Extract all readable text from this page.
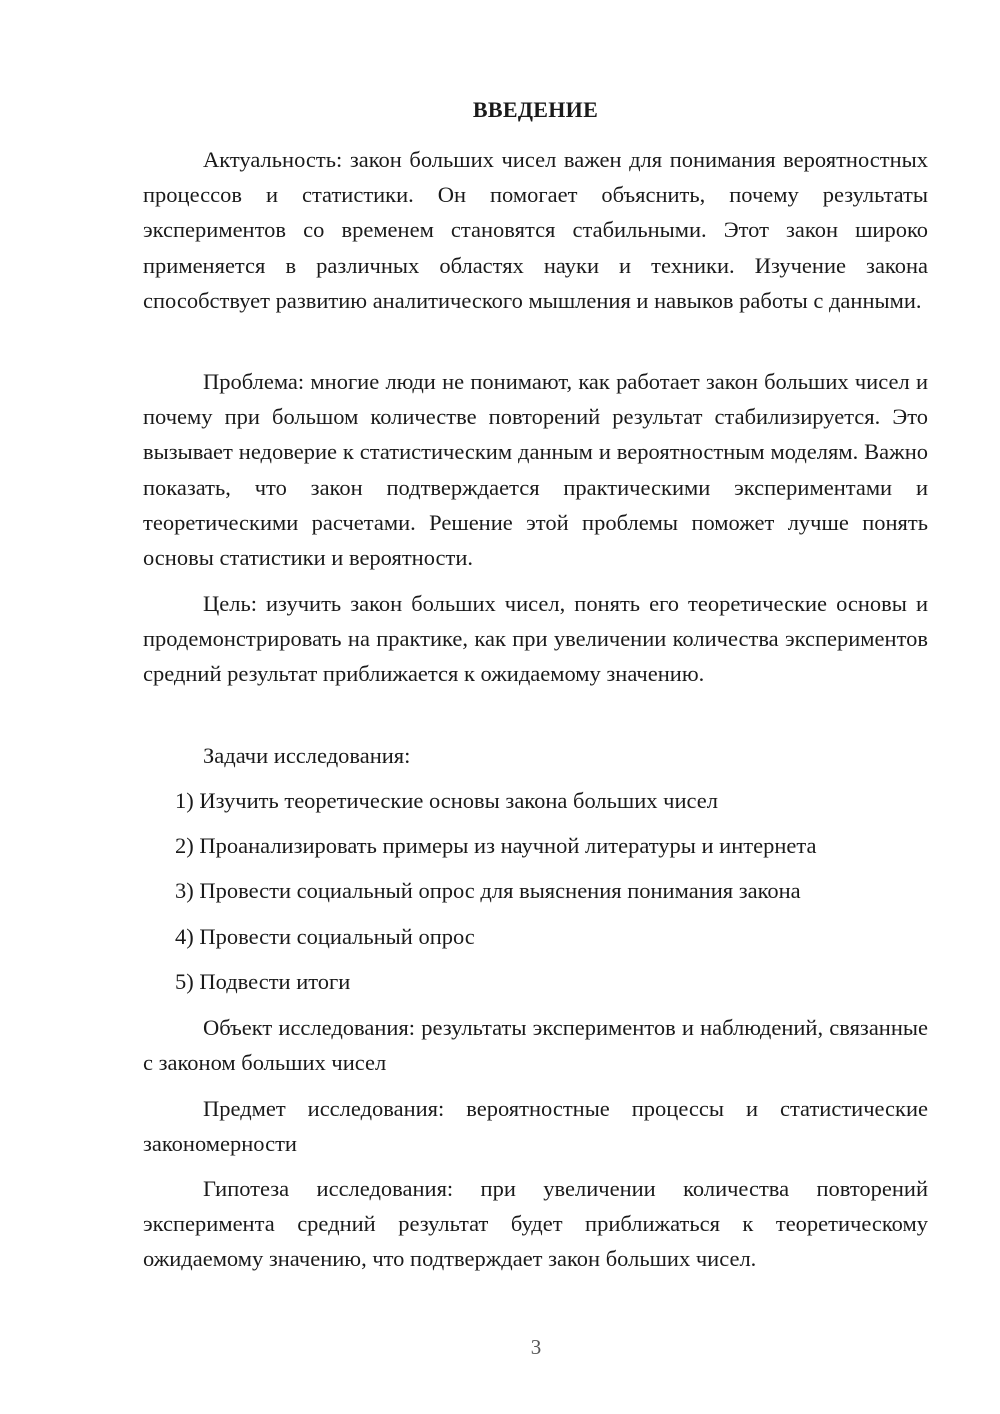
ВВЕДЕНИЕ

Актуальность: закон больших чисел важен для понимания вероятностных процессов и статистики. Он помогает объяснить, почему результаты экспериментов со временем становятся стабильными. Этот закон широко применяется в различных областях науки и техники. Изучение закона способствует развитию аналитического мышления и навыков работы с данными.

Проблема: многие люди не понимают, как работает закон больших чисел и почему при большом количестве повторений результат стабилизируется. Это вызывает недоверие к статистическим данным и вероятностным моделям. Важно показать, что закон подтверждается практическими экспериментами и теоретическими расчетами. Решение этой проблемы поможет лучше понять основы статистики и вероятности.

Цель: изучить закон больших чисел, понять его теоретические основы и продемонстрировать на практике, как при увеличении количества экспериментов средний результат приближается к ожидаемому значению.

Задачи исследования:

1) Изучить теоретические основы закона больших чисел

2) Проанализировать примеры из научной литературы и интернета

3) Провести социальный опрос для выяснения понимания закона

4) Провести социальный опрос

5) Подвести итоги

Объект исследования: результаты экспериментов и наблюдений, связанные с законом больших чисел

Предмет исследования: вероятностные процессы и статистические закономерности

Гипотеза исследования: при увеличении количества повторений эксперимента средний результат будет приближаться к теоретическому ожидаемому значению, что подтверждает закон больших чисел.

3
